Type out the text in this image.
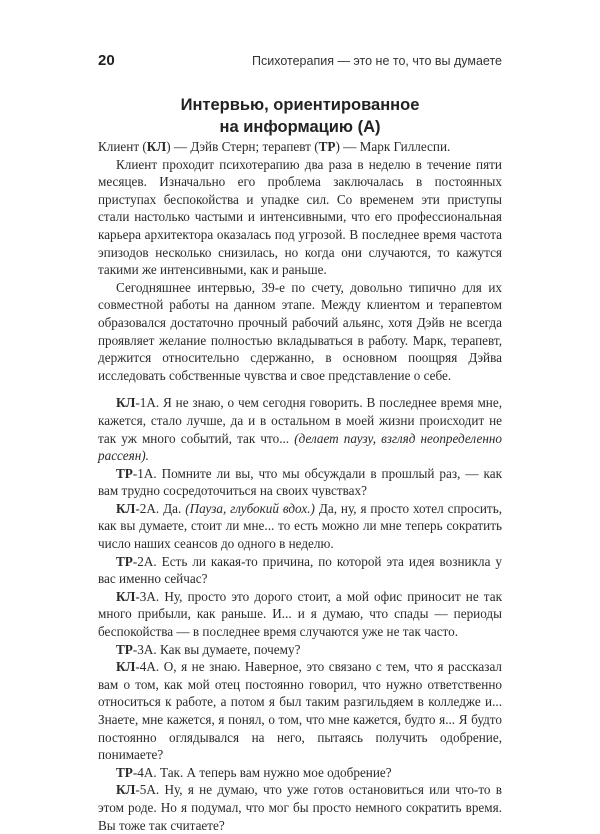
20	Психотерапия — это не то, что вы думаете
Интервью, ориентированное
на информацию (А)

Клиент (КЛ) — Дэйв Стерн; терапевт (ТР) — Марк Гиллеспи.

Клиент проходит психотерапию два раза в неделю в течение пяти месяцев. Изначально его проблема заключалась в постоянных приступах беспокойства и упадке сил. Со временем эти приступы стали настолько частыми и интенсивными, что его профессиональная карьера архитектора оказалась под угрозой. В последнее время частота эпизодов несколько снизилась, но когда они случаются, то кажутся такими же интенсивными, как и раньше.

Сегодняшнее интервью, 39-е по счету, довольно типично для их совместной работы на данном этапе. Между клиентом и терапевтом образовался достаточно прочный рабочий альянс, хотя Дэйв не всегда проявляет желание полностью вкладываться в работу. Марк, терапевт, держится относительно сдержанно, в основном поощряя Дэйва исследовать собственные чувства и свое представление о себе.

КЛ-1А. Я не знаю, о чем сегодня говорить. В последнее время мне, кажется, стало лучше, да и в остальном в моей жизни происходит не так уж много событий, так что... (делает паузу, взгляд неопределенно рассеян).

ТР-1А. Помните ли вы, что мы обсуждали в прошлый раз, — как вам трудно сосредоточиться на своих чувствах?

КЛ-2А. Да. (Пауза, глубокий вдох.) Да, ну, я просто хотел спросить, как вы думаете, стоит ли мне... то есть можно ли мне теперь сократить число наших сеансов до одного в неделю.

ТР-2А. Есть ли какая-то причина, по которой эта идея возникла у вас именно сейчас?

КЛ-3А. Ну, просто это дорого стоит, а мой офис приносит не так много прибыли, как раньше. И... и я думаю, что спады — периоды беспокойства — в последнее время случаются уже не так часто.

ТР-3А. Как вы думаете, почему?

КЛ-4А. О, я не знаю. Наверное, это связано с тем, что я рассказал вам о том, как мой отец постоянно говорил, что нужно ответственно относиться к работе, а потом я был таким разгильдяем в колледже и... Знаете, мне кажется, я понял, о том, что мне кажется, будто я... Я будто постоянно оглядывался на него, пытаясь получить одобрение, понимаете?

ТР-4А. Так. А теперь вам нужно мое одобрение?

КЛ-5А. Ну, я не думаю, что уже готов остановиться или что-то в этом роде. Но я подумал, что мог бы просто немного сократить время. Вы тоже так считаете?
